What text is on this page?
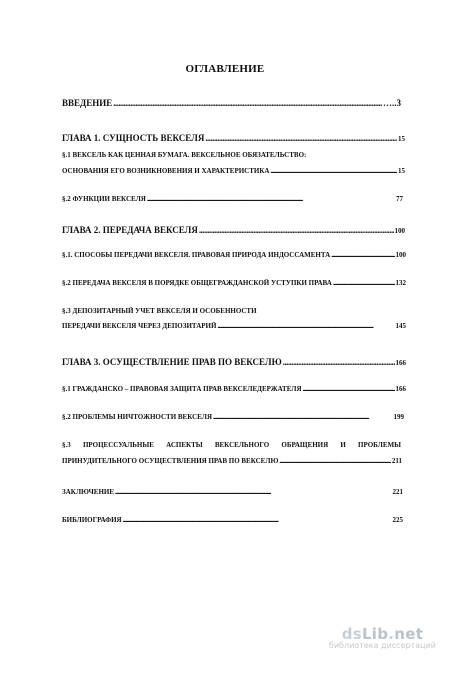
ОГЛАВЛЕНИЕ
ВВЕДЕНИЕ . . .	….. 3
ГЛАВА 1. СУЩНОСТЬ ВЕКСЕЛЯ . . .	15
§.1 ВЕКСЕЛЬ КАК ЦЕННАЯ БУМАГА. ВЕКСЕЛЬНОЕ ОБЯЗАТЕЛЬСТВО:
ОСНОВАНИЯ ЕГО ВОЗНИКНОВЕНИЯ И ХАРАКТЕРИСТИКА . . .	15
§.2 ФУНКЦИИ ВЕКСЕЛЯ . . .	77
ГЛАВА 2. ПЕРЕДАЧА ВЕКСЕЛЯ . . .	100
§.1. СПОСОБЫ ПЕРЕДАЧИ ВЕКСЕЛЯ. ПРАВОВАЯ ПРИРОДА ИНДОССАМЕНТА . . .	100
§.2 ПЕРЕДАЧА ВЕКСЕЛЯ В ПОРЯДКЕ ОБЩЕГРАЖДАНСКОЙ УСТУПКИ ПРАВА . . .	132
§.3 ДЕПОЗИТАРНЫЙ УЧЕТ ВЕКСЕЛЯ И ОСОБЕННОСТИ
ПЕРЕДАЧИ ВЕКСЕЛЯ ЧЕРЕЗ ДЕПОЗИТАРИЙ . . .	145
ГЛАВА 3. ОСУЩЕСТВЛЕНИЕ ПРАВ ПО ВЕКСЕЛЮ . . .	166
§.1 ГРАЖДАНСКО – ПРАВОВАЯ ЗАЩИТА ПРАВ ВЕКСЕЛЕДЕРЖАТЕЛЯ . . .	166
§.2 ПРОБЛЕМЫ НИЧТОЖНОСТИ ВЕКСЕЛЯ . . .	199
§.3 ПРОЦЕССУАЛЬНЫЕ АСПЕКТЫ ВЕКСЕЛЬНОГО ОБРАЩЕНИЯ И ПРОБЛЕМЫ
ПРИНУДИТЕЛЬНОГО ОСУЩЕСТВЛЕНИЯ ПРАВ ПО ВЕКСЕЛЮ . . .	211
ЗАКЛЮЧЕНИЕ . . .	221
БИБЛИОГРАФИЯ . . .	225
dsLib.net
библиотека диссертаций
